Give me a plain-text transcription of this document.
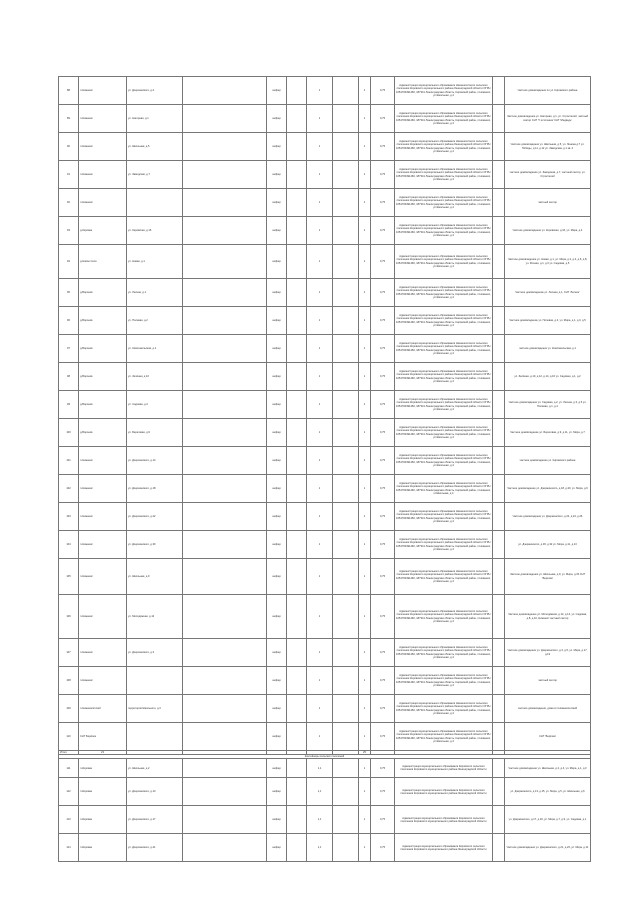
88	п.Нижнеис	ул. Дзержинского, д.2		шифер		1		1	0,75	Администрация муниципального образования Нижнеисетского сельского поселения Кировского муниципального района Ленинградской области ОГРН 1054700491460, 187341 Ленинградская область, Кировский район, п.Нижнеис, ул.Школьная, д.4		Частное домовладение по ул. Кировского района
89	п.Нижнеис	ул. Нагорная, д.1		шифер		1		1	0,75	Администрация муниципального образования Нижнеисетского сельского поселения Кировского муниципального района Ленинградской области ОГРН 1054700491460, 187341 Ленинградская область, Кировский район, п.Нижнеис, ул.Школьная, д.4		Частное домовладение ул. Нагорная, д.1, ул. Строителей, частный сектор СНТ 'У источника' СНТ 'Медведь'
90	п.Нижнеис	ул. Школьная, д.5		шифер		1		1	0,75	Администрация муниципального образования Нижнеисетского сельского поселения Кировского муниципального района Ленинградской области ОГРН 1054700491460, 187341 Ленинградская область, Кировский район, п.Нижнеис, ул.Школьная, д.4		Частное домовладение ул. Школьная, д.5, ул. Ленина д.7 ул. Победы, д.11, д.12 ул. Заводская, д.1 кв. 2
91	п.Нижнеис	ул. Заводская, д.7		шифер		1		1	0,75	Администрация муниципального образования Нижнеисетского сельского поселения Кировского муниципального района Ленинградской области ОГРН 1054700491460, 187341 Ленинградская область, Кировский район, п.Нижнеис, ул.Школьная, д.4		частное домовладение ул. Заводская, д.7, частный сектор, ул. Строителей
92	п.Нижнеис			шифер		1		1	0,75	Администрация муниципального образования Нижнеисетского сельского поселения Кировского муниципального района Ленинградской области ОГРН 1054700491460, 187341 Ленинградская область, Кировский район, п.Нижнеис, ул.Школьная, д.4		частный сектор
93	д.Кировка	ул. Кировская, д.16		шифер		1		1	0,75	Администрация муниципального образования Нижнеисетского сельского поселения Кировского муниципального района Ленинградской области ОГРН 1054700491460, 187341 Ленинградская область, Кировский район, п.Нижнеис, ул.Школьная, д.4		Частное домовладение ул. Кировская, д.16, ул. Мира, д.4
94	д.Новое Село	ул. Новая, д.1		шифер		1		1	0,75	Администрация муниципального образования Нижнеисетского сельского поселения Кировского муниципального района Ленинградской области ОГРН 1054700491460, 187341 Ленинградская область, Кировский район, п.Нижнеис, ул.Школьная, д.4		Частное домовладение ул. Новая, д.1, ул. Мира, д.2, д.4, д.6, д.8, ул. Речная, д.1, д.3 ул. Садовая, д.5
95	д.Воронов	ул. Лесная, д.1		шифер		1		1	0,75	Администрация муниципального образования Нижнеисетского сельского поселения Кировского муниципального района Ленинградской области ОГРН 1054700491460, 187341 Ленинградская область, Кировский район, п.Нижнеис, ул.Школьная, д.4		Частное домовладение ул. Лесная, д.1, СНТ 'Лесное'
96	д.Воронов	ул. Полевая, д.2		шифер		1		1	0,75	Администрация муниципального образования Нижнеисетского сельского поселения Кировского муниципального района Ленинградской области ОГРН 1054700491460, 187341 Ленинградская область, Кировский район, п.Нижнеис, ул.Школьная, д.4		Частное домовладение ул. Полевая, д.2, ул. Мира, д.1, д.3, д.5
97	д.Воронов	ул. Комсомольская, д.1		шифер		1		1	0,75	Администрация муниципального образования Нижнеисетского сельского поселения Кировского муниципального района Ленинградской области ОГРН 1054700491460, 187341 Ленинградская область, Кировский район, п.Нижнеис, ул.Школьная, д.4		частное домовладение ул. Комсомольская, д.1
98	д.Воронов	ул. Зелёная, д.10		шифер		1		1	0,75	Администрация муниципального образования Нижнеисетского сельского поселения Кировского муниципального района Ленинградской области ОГРН 1054700491460, 187341 Ленинградская область, Кировский район, п.Нижнеис, ул.Школьная, д.4		ул. Зелёная, д.10, д.12, д.14, д.16 ул. Садовая, д.1, д.2
99	д.Воронов	ул. Садовая, д.2		шифер		1		1	0,75	Администрация муниципального образования Нижнеисетского сельского поселения Кировского муниципального района Ленинградской области ОГРН 1054700491460, 187341 Ленинградская область, Кировский район, п.Нижнеис, ул.Школьная, д.4		Частное домовладение ул. Садовая, д.2, ул. Лесная, д.3, д.5 ул. Полевая, д.1, д.4
100	д.Воронов	ул. Береговая, д.9		шифер		1		1	0,75	Администрация муниципального образования Нижнеисетского сельского поселения Кировского муниципального района Ленинградской области ОГРН 1054700491460, 187341 Ленинградская область, Кировский район, п.Нижнеис, ул.Школьная, д.4		Частное домовладение ул. Береговая, д.9, д.11, ул. Мира, д.7
101	п.Нижнеис	ул. Дзержинского, д.14		шифер		1		1	0,75	Администрация муниципального образования Нижнеисетского сельского поселения Кировского муниципального района Ленинградской области ОГРН 1054700491460, 187341 Ленинградская область, Кировский район, п.Нижнеис, ул.Школьная, д.4		частное домовладение ул. Кировского района
102	п.Нижнеис	ул. Дзержинского, д.18		шифер		1		1	0,75	Администрация муниципального образования Нижнеисетского сельского поселения Кировского муниципального района Ленинградской области ОГРН 1054700491460, 187341 Ленинградская область, Кировский район, п.Нижнеис, ul.Школьная, д.4		Частное домовладение ул. Дзержинского, д.18, д.20, ул. Мира, д.9
103	п.Нижнеис	ул. Дзержинского, д.22		шифер		1		1	0,75	Администрация муниципального образования Нижнеисетского сельского поселения Кировского муниципального района Ленинградской области ОГРН 1054700491460, 187341 Ленинградская область, Кировский район, п.Нижнеис, ул.Школьная, д.4		Частное домовладение ул. Дзержинского, д.22, д.24, д.26
104	п.Нижнеис	ул. Дзержинского, д.30		шифер		1		1	0,75	Администрация муниципального образования Нижнеисетского сельского поселения Кировского муниципального района Ленинградской области ОГРН 1054700491460, 187341 Ленинградская область, Кировский район, п.Нижнеис, ул.Школьная, д.4		ул. Дзержинского, д.30, д.32 ул. Мира, д.11, д.13
105	п.Нижнеис	ул. Школьная, д.9		шифер		1		1	0,75	Администрация муниципального образования Нижнеисетского сельского поселения Кировского муниципального района Ленинградской области ОГРН 1054700491460, 187341 Ленинградская область, Кировский район, п.Нижнеис, ул.Школьная, д.4		Частное домовладение ул. Школьная, д.9, ул. Мира, д.15 СНТ 'Березка'
106	п.Нижнеис	ул. Молодёжная, д.12		шифер		1		1	0,75	Администрация муниципального образования Нижнеисетского сельского поселения Кировского муниципального района Ленинградской области ОГРН 1054700491460, 187341 Ленинградская область, Кировский район, п.Нижнеис, ул.Школьная, д.4		Частное домовладение ул. Молодёжная, д.12, д.14, ул. Садовая, д.8, д.10, Нижнеис частный сектор
107	п.Нижнеис	ул. Дзержинского, д.3		шифер		1		1	0,75	Администрация муниципального образования Нижнеисетского сельского поселения Кировского муниципального района Ленинградской области ОГРН 1054700491460, 187341 Ленинградская область, Кировский район, п.Нижнеис, ул.Школьная, д.4		Частное домовладение ул. Дзержинского, д.3, д.5, ул. Мира, д.17, д.19
108	п.Нижнеис			шифер		1		1	0,75	Администрация муниципального образования Нижнеисетского сельского поселения Кировского муниципального района Ленинградской области ОГРН 1054700491460, 187341 Ленинградская область, Кировский район, п.Нижнеис, ул.Школьная, д.4		частный сектор
109	п.Нижнеисетский	территория Школьного, д.3		шифер		1		1	0,75	Администрация муниципального образования Нижнеисетского сельского поселения Кировского муниципального района Ленинградской области ОГРН 1054700491460, 187341 Ленинградская область, Кировский район, п.Нижнеис, ул.Школьная, д.4		частное домовладение, дома в п.Нижнеисетский
110	СНТ Берёзка			шифер		1		1	0,75	Администрация муниципального образования Нижнеисетского сельского поселения Кировского муниципального района Ленинградской области ОГРН 1054700491460, 187341 Ленинградская область, Кировский район, п.Нижнеис, ул.Школьная, д.4		СНТ 'Берёзка'
Итого	23							25				
Контейнеры сельских поселений												
111	п.Кировка	ул. Школьная, д.2		шифер		1,1		1	0,75	Администрация муниципального образования Кировского сельского поселения Кировского муниципального района Ленинградской области		Частное домовладение ул. Школьная, д.2, д.4, ул. Мира, д.1, д.3
112	п.Кировка	ул. Дзержинского, д.13		шифер		1,1		1	0,75	Администрация муниципального образования Кировского сельского поселения Кировского муниципального района Ленинградской области		ул. Дзержинского, д.13, д.15, ул. Мира, д.5, ул. Школьная, д.6
113	п.Кировка	ул. Дзержинского, д.17		шифер		1,1		1	0,75	Администрация муниципального образования Кировского сельского поселения Кировского муниципального района Ленинградской области		ул. Дзержинского, д.17, д.19, ул. Мира, д.7, д.9, ул. Садовая, д.1
114	п.Кировка	ул. Дзержинского, д.21		шифер		1,1		1	0,75	Администрация муниципального образования Кировского сельского поселения Кировского муниципального района Ленинградской области		Частное домовладение ул. Дзержинского, д.21, д.23, ул. Мира, д.11
